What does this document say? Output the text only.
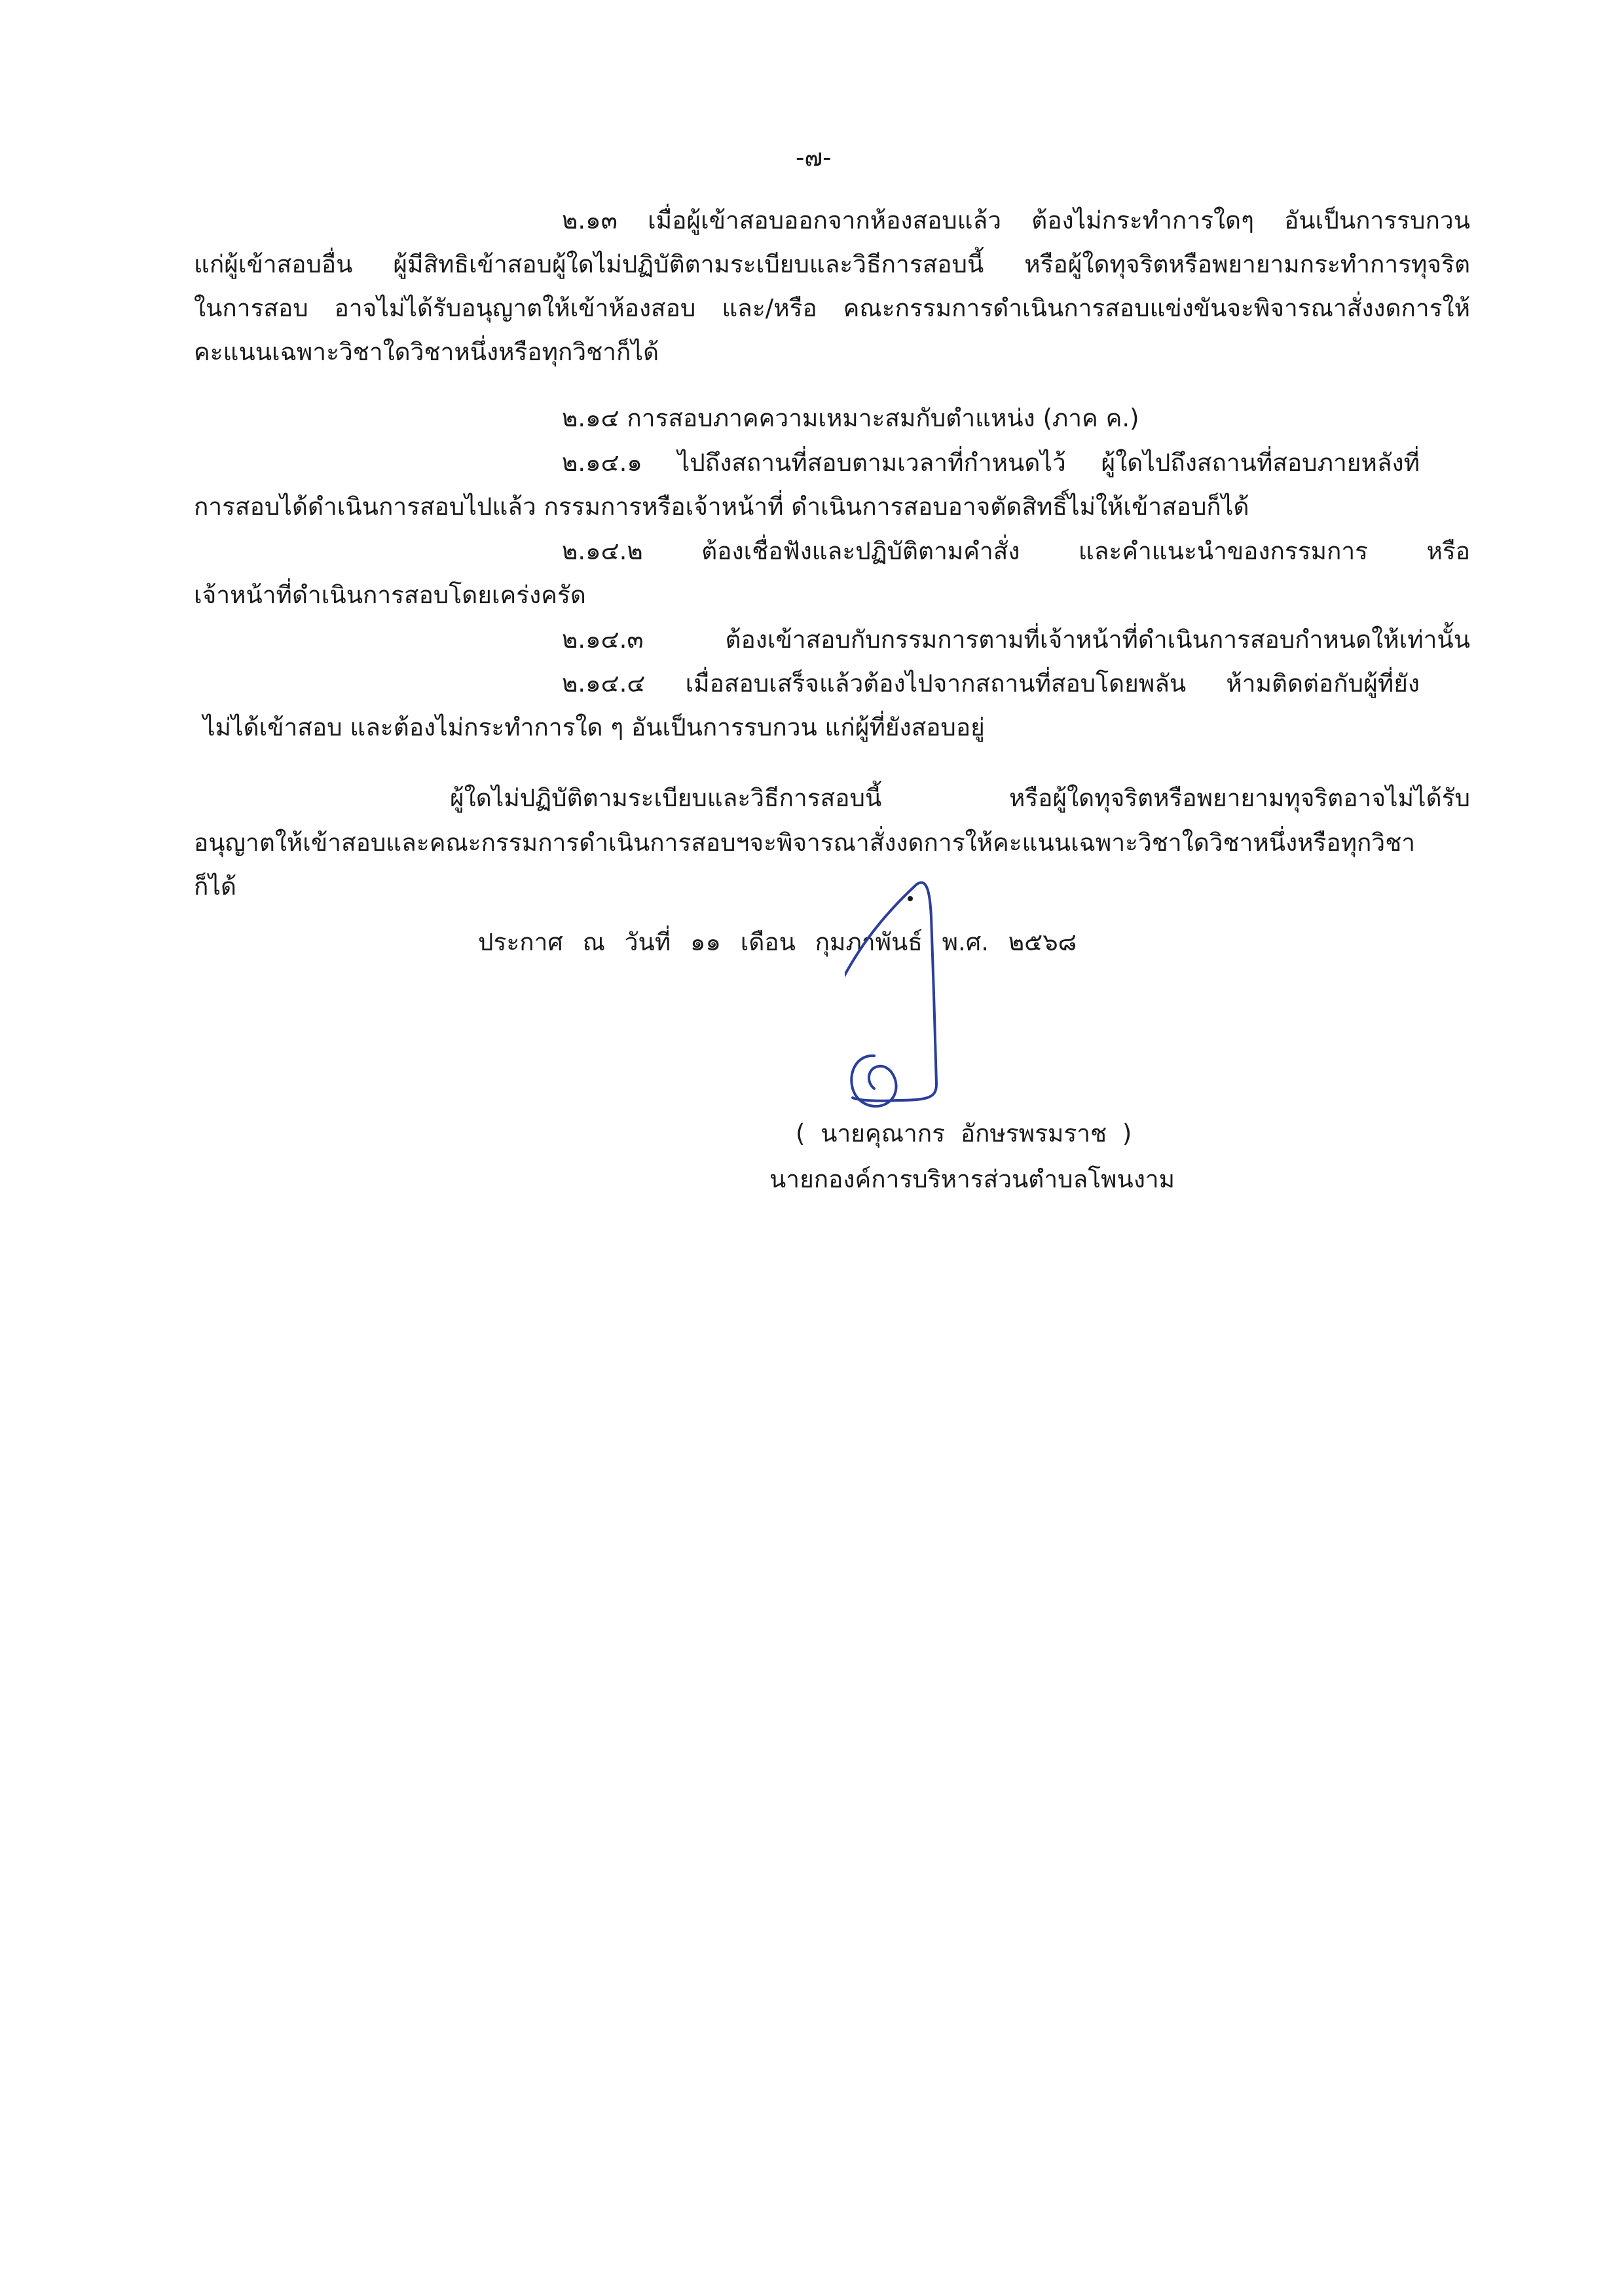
-๗-
๒.๑๓ เมื่อผู้เข้าสอบออกจากห้องสอบแล้ว ต้องไม่กระทำการใดๆ อันเป็นการรบกวน
แก่ผู้เข้าสอบอื่น ผู้มีสิทธิเข้าสอบผู้ใดไม่ปฏิบัติตามระเบียบและวิธีการสอบนี้ หรือผู้ใดทุจริตหรือพยายามกระทำการทุจริต
ในการสอบ อาจไม่ได้รับอนุญาตให้เข้าห้องสอบ และ/หรือ คณะกรรมการดำเนินการสอบแข่งขันจะพิจารณาสั่งงดการให้
คะแนนเฉพาะวิชาใดวิชาหนึ่งหรือทุกวิชาก็ได้
๒.๑๔ การสอบภาคความเหมาะสมกับตำแหน่ง (ภาค ค.)
๒.๑๔.๑ ไปถึงสถานที่สอบตามเวลาที่กำหนดไว้ ผู้ใดไปถึงสถานที่สอบภายหลังที่
การสอบได้ดำเนินการสอบไปแล้ว กรรมการหรือเจ้าหน้าที่ ดำเนินการสอบอาจตัดสิทธิ์ไม่ให้เข้าสอบก็ได้
๒.๑๔.๒ ต้องเชื่อฟังและปฏิบัติตามคำสั่ง และคำแนะนำของกรรมการ หรือ
เจ้าหน้าที่ดำเนินการสอบโดยเคร่งครัด
๒.๑๔.๓ ต้องเข้าสอบกับกรรมการตามที่เจ้าหน้าที่ดำเนินการสอบกำหนดให้เท่านั้น
๒.๑๔.๔ เมื่อสอบเสร็จแล้วต้องไปจากสถานที่สอบโดยพลัน ห้ามติดต่อกับผู้ที่ยัง
ไม่ได้เข้าสอบ และต้องไม่กระทำการใด ๆ อันเป็นการรบกวน แก่ผู้ที่ยังสอบอยู่
ผู้ใดไม่ปฏิบัติตามระเบียบและวิธีการสอบนี้ หรือผู้ใดทุจริตหรือพยายามทุจริตอาจไม่ได้รับ
อนุญาตให้เข้าสอบและคณะกรรมการดำเนินการสอบฯจะพิจารณาสั่งงดการให้คะแนนเฉพาะวิชาใดวิชาหนึ่งหรือทุกวิชา
ก็ได้
ประกาศ ณ วันที่ ๑๑ เดือน กุมภาพันธ์ พ.ศ. ๒๕๖๘
( นายคุณากร อักษรพรมราช )
นายกองค์การบริหารส่วนตำบลโพนงาม
